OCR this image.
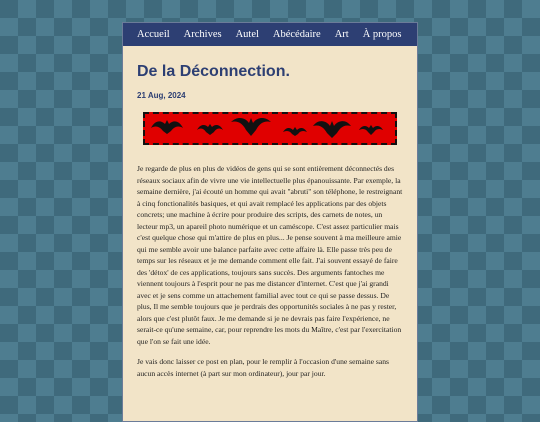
Accueil Archives Autel Abécédaire Art À propos
De la Déconnection.
21 Aug, 2024

Je regarde de plus en plus de vidéos de gens qui se sont entièrement déconnectés des réseaux sociaux afin de vivre une vie intellectuelle plus épanouissante. Par exemple, la semaine dernière, j'ai écouté un homme qui avait "abruti" son téléphone, le restreignant à cinq fonctionalités basiques, et qui avait remplacé les applications par des objets concrets; une machine à écrire pour produire des scripts, des carnets de notes, un lecteur mp3, un apareil photo numérique et un caméscope. C'est assez particulier mais c'est quelque chose qui m'attire de plus en plus... Je pense souvent à ma meilleure amie qui me semble avoir une balance parfaite avec cette affaire là. Elle passe très peu de temps sur les réseaux et je me demande comment elle fait. J'ai souvent essayé de faire des 'détox' de ces applications, toujours sans succès. Des arguments fantoches me viennent toujours à l'esprit pour ne pas me distancer d'internet. C'est que j'ai grandi avec et je sens comme un attachement familial avec tout ce qui se passe dessus. De plus, Il me semble toujours que je perdrais des opportunités sociales à ne pas y rester, alors que c'est plutôt faux. Je me demande si je ne devrais pas faire l'expérience, ne serait-ce qu'une semaine, car, pour reprendre les mots du Maître, c'est par l'exercitation que l'on se fait une idée.

Je vais donc laisser ce post en plan, pour le remplir à l'occasion d'une semaine sans aucun accès internet (à part sur mon ordinateur), jour par jour.
